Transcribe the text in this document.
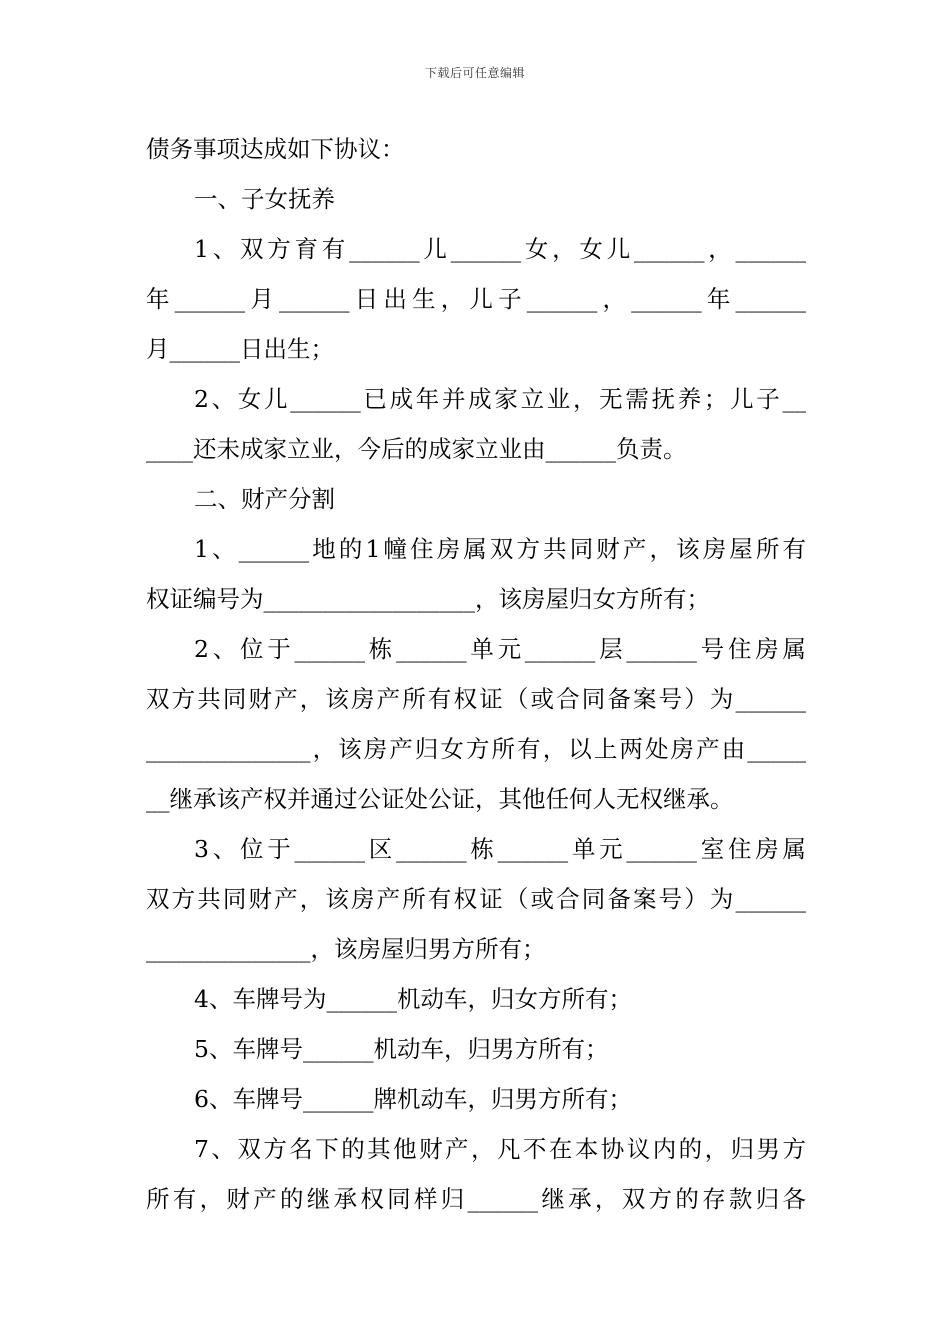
下载后可任意编辑
债务事项达成如下协议：
一、子女抚养
1、双方育有______儿______女，女儿______，______
年______月______日出生，儿子______，______年______
月______日出生；
2、女儿______已成年并成家立业，无需抚养；儿子__
____还未成家立业，今后的成家立业由______负责。
二、财产分割
1、______地的1幢住房属双方共同财产，该房屋所有
权证编号为__________________，该房屋归女方所有；
2、位于______栋______单元______层______号住房属
双方共同财产，该房产所有权证（或合同备案号）为______
______________，该房产归女方所有，以上两处房产由_____
__继承该产权并通过公证处公证，其他任何人无权继承。
3、位于______区______栋______单元______室住房属
双方共同财产，该房产所有权证（或合同备案号）为______
______________，该房屋归男方所有；
4、车牌号为______机动车，归女方所有；
5、车牌号______机动车，归男方所有；
6、车牌号______牌机动车，归男方所有；
7、双方名下的其他财产，凡不在本协议内的，归男方
所有，财产的继承权同样归______继承，双方的存款归各
